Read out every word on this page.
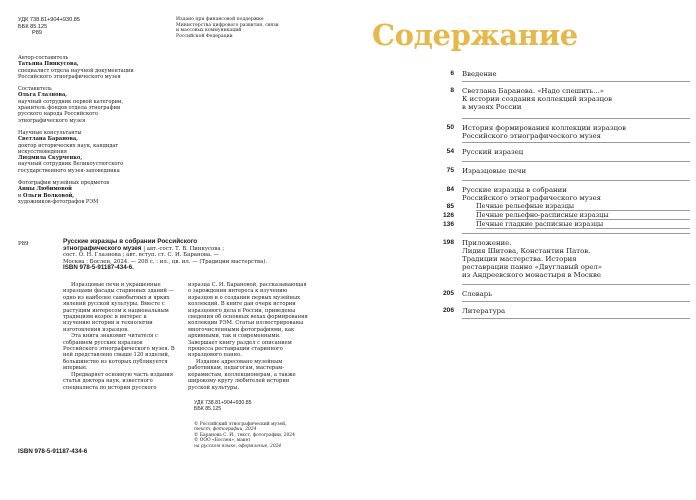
УДК 738.81+904+930.85
ББК 85.125
Р89
Издано при финансовой поддержке
Министерства цифрового развития, связи
и массовых коммуникаций
Российской Федерации
Автор-составитель
Татьяна Пинкусова,
специалист отдела научной документации
Российского этнографического музея
Составитель
Ольга Глазнова,
научный сотрудник первой категории,
хранитель фондов отдела этнографии
русского народа Российского
этнографического музея
Научные консультанты
Светлана Баранова,
доктор исторических наук, кандидат
искусствоведения
Людмила Скурченко,
научный сотрудник Великоустюгского
государственного музея-заповедника
Фотографии музейных предметов
Анны Любимовой
и Ольги Волковой,
художников-фотографов РЭМ
Р89	Русские изразцы в собрании Российского
этнографического музея | авт.-сост. Т. В. Пинкусова ;
сост. О. Н. Глазнова ; авт. вступ. ст. С. И. Баранова. —
Москва : Бослен, 2024. — 208 с. : ил., цв. ил. — (Традиции мастерства).
ISBN 978-5-91187-434-6.

Изразцовые печи и украшенные изразцами фасады старинных зданий — одно из наиболее самобытных и ярких явлений русской культуры. Вместе с растущим интересом к национальным традициям возрос и интерес к изучению истории и технологии изготовления изразцов.

Эта книга знакомит читателя с собранием русских изразцов Российского этнографического музея. В ней представлено свыше 120 изделий, большинство из которых публикуется впервые.

Предваряет основную часть издания статья доктора наук, известного специалиста по истории русского

изразца С. И. Барановой, рассказывающая о зарождении интереса к изучению изразцов и о создании первых музейных коллекций. В книге дан очерк истории изразцового дела в России, приведены сведения об основных вехах формирования коллекции РЭМ. Статьи иллюстрированы многочисленными фотографиями, как архивными, так и современными. Завершает книгу раздел с описанием процесса реставрации старинного изразцового панно.

Издание адресовано музейным работникам, педагогам, мастерам-керамистам, коллекционерам, а также широкому кругу любителей истории русской культуры.

УДК 738.81+904+930.85
ББК 85.125
© Российский этнографический музей,
текст, фотографии, 2024
© Баранова С. И., текст, фотографии, 2024
© ООО «Бослен», макет
на русском языке, оформление, 2024
ISBN 978-5-91187-434-6
Содержание
6 Введение
8 Светлана Баранова. «Надо спешить...»
К истории создания коллекций изразцов
в музеях России
50 История формирования коллекции изразцов
Российского этнографического музея
54 Русский изразец
75 Изразцовые печи
84 Русские изразцы в собрании
Российского этнографического музея
85	Печные рельефные изразцы
126	Печные рельефно-расписные изразцы
136	Печные гладкие расписные изразцы
198 Приложение.
Лидия Шитова, Константин Патов.
Традиции мастерства. История
реставрации панно «Двуглавый орел»
из Андреевского монастыря в Москве
205 Словарь
206 Литература
